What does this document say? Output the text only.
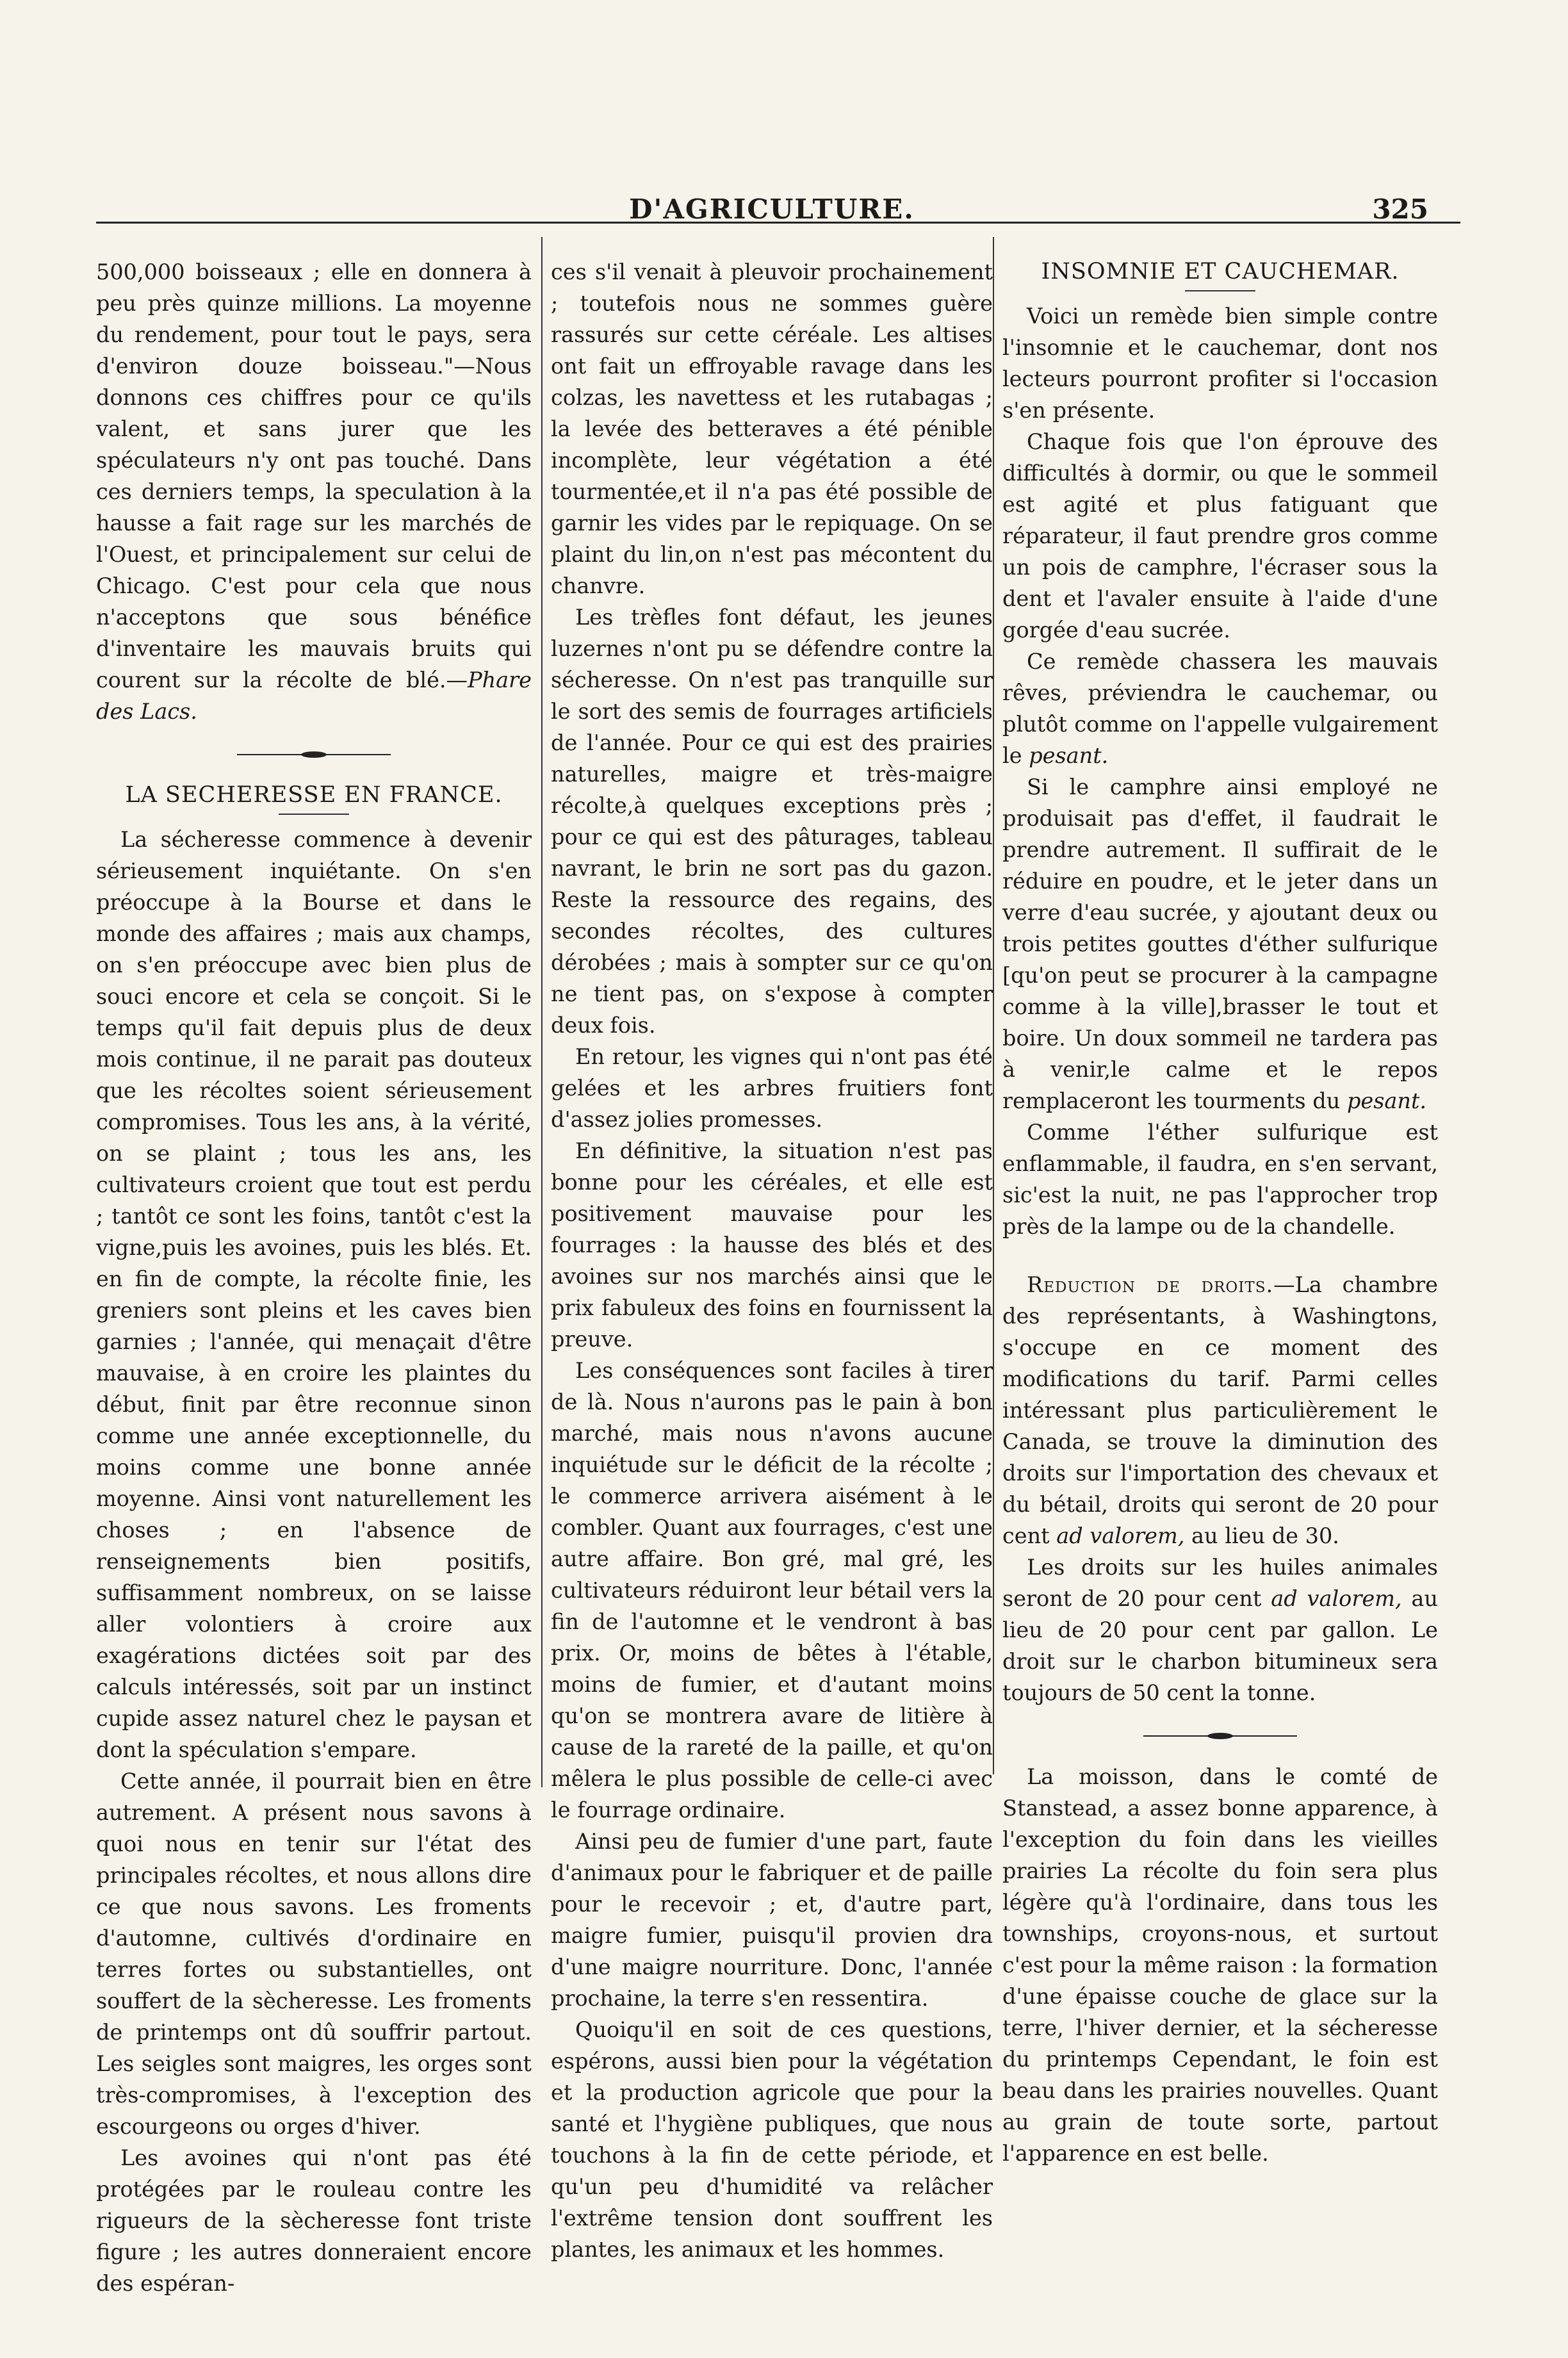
D'AGRICULTURE.	325

500,000 boisseaux ; elle en donnera à peu près quinze millions. La moyenne du rendement, pour tout le pays, sera d'environ douze boisseau."—Nous donnons ces chiffres pour ce qu'ils valent, et sans jurer que les spéculateurs n'y ont pas touché. Dans ces derniers temps, la speculation à la hausse a fait rage sur les marchés de l'Ouest, et principalement sur celui de Chicago. C'est pour cela que nous n'acceptons que sous bénéfice d'inventaire les mauvais bruits qui courent sur la récolte de blé.—Phare des Lacs.

LA SECHERESSE EN FRANCE.

La sécheresse commence à devenir sérieusement inquiétante. On s'en préoccupe à la Bourse et dans le monde des affaires ; mais aux champs, on s'en préoccupe avec bien plus de souci encore et cela se conçoit. Si le temps qu'il fait depuis plus de deux mois continue, il ne parait pas douteux que les récoltes soient sérieusement compromises. Tous les ans, à la vérité, on se plaint ; tous les ans, les cultivateurs croient que tout est perdu ; tantôt ce sont les foins, tantôt c'est la vigne,puis les avoines, puis les blés. Et. en fin de compte, la récolte finie, les greniers sont pleins et les caves bien garnies ; l'année, qui menaçait d'être mauvaise, à en croire les plaintes du début, finit par être reconnue sinon comme une année exceptionnelle, du moins comme une bonne année moyenne. Ainsi vont naturellement les choses ; en l'absence de renseignements bien positifs, suffisamment nombreux, on se laisse aller volontiers à croire aux exagérations dictées soit par des calculs intéressés, soit par un instinct cupide assez naturel chez le paysan et dont la spéculation s'empare.

Cette année, il pourrait bien en être autrement. A présent nous savons à quoi nous en tenir sur l'état des principales récoltes, et nous allons dire ce que nous savons. Les froments d'automne, cultivés d'ordinaire en terres fortes ou substantielles, ont souffert de la sècheresse. Les froments de printemps ont dû souffrir partout. Les seigles sont maigres, les orges sont très-compromises, à l'exception des escourgeons ou orges d'hiver.

Les avoines qui n'ont pas été protégées par le rouleau contre les rigueurs de la sècheresse font triste figure ; les autres donneraient encore des espéran-

ces s'il venait à pleuvoir prochainement ; toutefois nous ne sommes guère rassurés sur cette céréale. Les altises ont fait un effroyable ravage dans les colzas, les navettess et les rutabagas ; la levée des betteraves a été pénible incomplète, leur végétation a été tourmentée,et il n'a pas été possible de garnir les vides par le repiquage. On se plaint du lin,on n'est pas mécontent du chanvre.

Les trèfles font défaut, les jeunes luzernes n'ont pu se défendre contre la sécheresse. On n'est pas tranquille sur le sort des semis de fourrages artificiels de l'année. Pour ce qui est des prairies naturelles, maigre et très-maigre récolte,à quelques exceptions près ; pour ce qui est des pâturages, tableau navrant, le brin ne sort pas du gazon. Reste la ressource des regains, des secondes récoltes, des cultures dérobées ; mais à sompter sur ce qu'on ne tient pas, on s'expose à compter deux fois.

En retour, les vignes qui n'ont pas été gelées et les arbres fruitiers font d'assez jolies promesses.

En définitive, la situation n'est pas bonne pour les céréales, et elle est positivement mauvaise pour les fourrages : la hausse des blés et des avoines sur nos marchés ainsi que le prix fabuleux des foins en fournissent la preuve.

Les conséquences sont faciles à tirer de là. Nous n'aurons pas le pain à bon marché, mais nous n'avons aucune inquiétude sur le déficit de la récolte ; le commerce arrivera aisément à le combler. Quant aux fourrages, c'est une autre affaire. Bon gré, mal gré, les cultivateurs réduiront leur bétail vers la fin de l'automne et le vendront à bas prix. Or, moins de bêtes à l'étable, moins de fumier, et d'autant moins qu'on se montrera avare de litière à cause de la rareté de la paille, et qu'on mêlera le plus possible de celle-ci avec le fourrage ordinaire.

Ainsi peu de fumier d'une part, faute d'animaux pour le fabriquer et de paille pour le recevoir ; et, d'autre part, maigre fumier, puisqu'il provien dra d'une maigre nourriture. Donc, l'année prochaine, la terre s'en ressentira.

Quoiqu'il en soit de ces questions, espérons, aussi bien pour la végétation et la production agricole que pour la santé et l'hygiène publiques, que nous touchons à la fin de cette période, et qu'un peu d'humidité va relâcher l'extrême tension dont souffrent les plantes, les animaux et les hommes.

INSOMNIE ET CAUCHEMAR.

Voici un remède bien simple contre l'insomnie et le cauchemar, dont nos lecteurs pourront profiter si l'occasion s'en présente.

Chaque fois que l'on éprouve des difficultés à dormir, ou que le sommeil est agité et plus fatiguant que réparateur, il faut prendre gros comme un pois de camphre, l'écraser sous la dent et l'avaler ensuite à l'aide d'une gorgée d'eau sucrée.

Ce remède chassera les mauvais rêves, préviendra le cauchemar, ou plutôt comme on l'appelle vulgairement le pesant.

Si le camphre ainsi employé ne produisait pas d'effet, il faudrait le prendre autrement. Il suffirait de le réduire en poudre, et le jeter dans un verre d'eau sucrée, y ajoutant deux ou trois petites gouttes d'éther sulfurique [qu'on peut se procurer à la campagne comme à la ville],brasser le tout et boire. Un doux sommeil ne tardera pas à venir,le calme et le repos remplaceront les tourments du pesant.

Comme l'éther sulfurique est enflammable, il faudra, en s'en servant, sic'est la nuit, ne pas l'approcher trop près de la lampe ou de la chandelle.

Reduction de droits.—La chambre des représentants, à Washingtons, s'occupe en ce moment des modifications du tarif. Parmi celles intéressant plus particulièrement le Canada, se trouve la diminution des droits sur l'importation des chevaux et du bétail, droits qui seront de 20 pour cent ad valorem, au lieu de 30.

Les droits sur les huiles animales seront de 20 pour cent ad valorem, au lieu de 20 pour cent par gallon. Le droit sur le charbon bitumineux sera toujours de 50 cent la tonne.

La moisson, dans le comté de Stanstead, a assez bonne apparence, à l'exception du foin dans les vieilles prairies La récolte du foin sera plus légère qu'à l'ordinaire, dans tous les townships, croyons-nous, et surtout c'est pour la même raison : la formation d'une épaisse couche de glace sur la terre, l'hiver dernier, et la sécheresse du printemps Cependant, le foin est beau dans les prairies nouvelles. Quant au grain de toute sorte, partout l'apparence en est belle.
